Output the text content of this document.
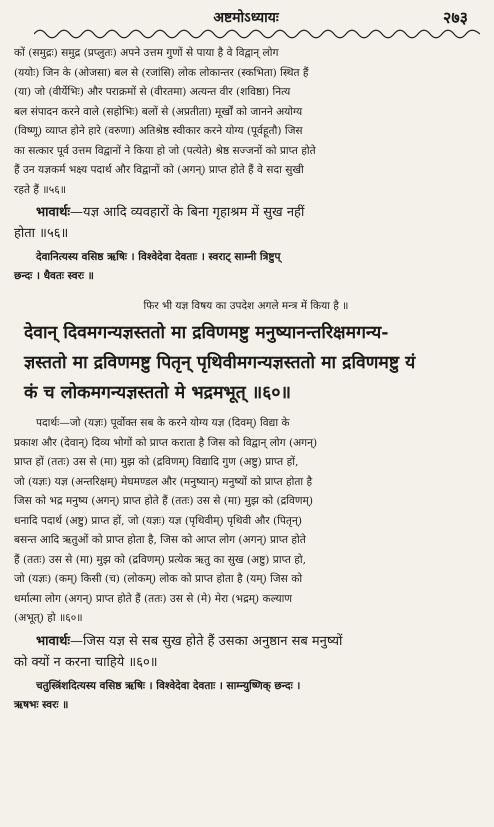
अष्टमोऽध्यायः	२७३

कों (समुद्रः) समुद्र (प्रप्लुतः) अपने उत्तम गुणों से पाया है वे विद्वान् लोग

(ययोः) जिन के (ओजसा) बल से (रजांसि) लोक लोकान्तर (स्कभिता) स्थित हैं

(या) जो (वीर्येभिः) और पराक्रमों से (वीरतमा) अत्यन्त वीर (शविष्ठा) नित्य

बल संपादन करने वाले (सहोभिः) बलों से (अप्रतीता) मूर्खों को जानने अयोग्य

(विष्णू) व्याप्त होने हारे (वरुणा) अतिश्रेष्ठ स्वीकार करने योग्य (पूर्वहूतौ) जिस

का सत्कार पूर्व उत्तम विद्वानों ने किया हो जो (पत्येते) श्रेष्ठ सज्जनों को प्राप्त होते

हैं उन यज्ञकर्म भक्ष्य पदार्थ और विद्वानों को (अगन्) प्राप्त होते हैं वे सदा सुखी

रहते हैं ॥५६॥

भावार्थः—यज्ञ आदि व्यवहारों के बिना गृहाश्रम में सुख नहीं
होता ॥५६॥
देवानित्यस्य वसिष्ठ ऋषिः । विश्वेदेवा देवताः । स्वराट् साम्नी त्रिष्टुप्
छन्दः । धैवतः स्वरः ॥
फिर भी यज्ञ विषय का उपदेश अगले मन्त्र में किया है ॥
देवान् दिवमगन्यज्ञस्ततो मा द्रविणमष्टु मनुष्यानन्तरिक्षमगन्य-
ज्ञस्ततो मा द्रविणमष्टु पितृन् पृथिवीमगन्यज्ञस्ततो मा द्रविणमष्टु यं
कं च लोकमगन्यज्ञस्ततो मे भद्रमभूत् ॥६०॥

पदार्थः—जो (यज्ञः) पूर्वोक्त सब के करने योग्य यज्ञ (दिवम्) विद्या के

प्रकाश और (देवान्) दिव्य भोगों को प्राप्त कराता है जिस को विद्वान् लोग (अगन्)

प्राप्त हों (ततः) उस से (मा) मुझ को (द्रविणम्) विद्यादि गुण (अष्टु) प्राप्त हों,

जो (यज्ञः) यज्ञ (अन्तरिक्षम्) मेघमण्डल और (मनुष्यान्) मनुष्यों को प्राप्त होता है

जिस को भद्र मनुष्य (अगन्) प्राप्त होते हैं (ततः) उस से (मा) मुझ को (द्रविणम्)

धनादि पदार्थ (अष्टु) प्राप्त हों, जो (यज्ञः) यज्ञ (पृथिवीम्) पृथिवी और (पितृन्)

बसन्त आदि ऋतुओं को प्राप्त होता है, जिस को आप्त लोग (अगन्) प्राप्त होते

हैं (ततः) उस से (मा) मुझ को (द्रविणम्) प्रत्येक ऋतु का सुख (अष्टु) प्राप्त हो,

जो (यज्ञः) (कम्) किसी (च) (लोकम्) लोक को प्राप्त होता है (यम्) जिस को

धर्मात्मा लोग (अगन्) प्राप्त होते हैं (ततः) उस से (मे) मेरा (भद्रम्) कल्याण

(अभूत्) हो ॥६०॥

भावार्थः—जिस यज्ञ से सब सुख होते हैं उसका अनुष्ठान सब मनुष्यों
को क्यों न करना चाहिये ॥६०॥
चतुस्त्रिंशदित्यस्य वसिष्ठ ऋषिः । विश्वेदेवा देवताः । साम्न्युष्णिक् छन्दः ।
ऋषभः स्वरः ॥
